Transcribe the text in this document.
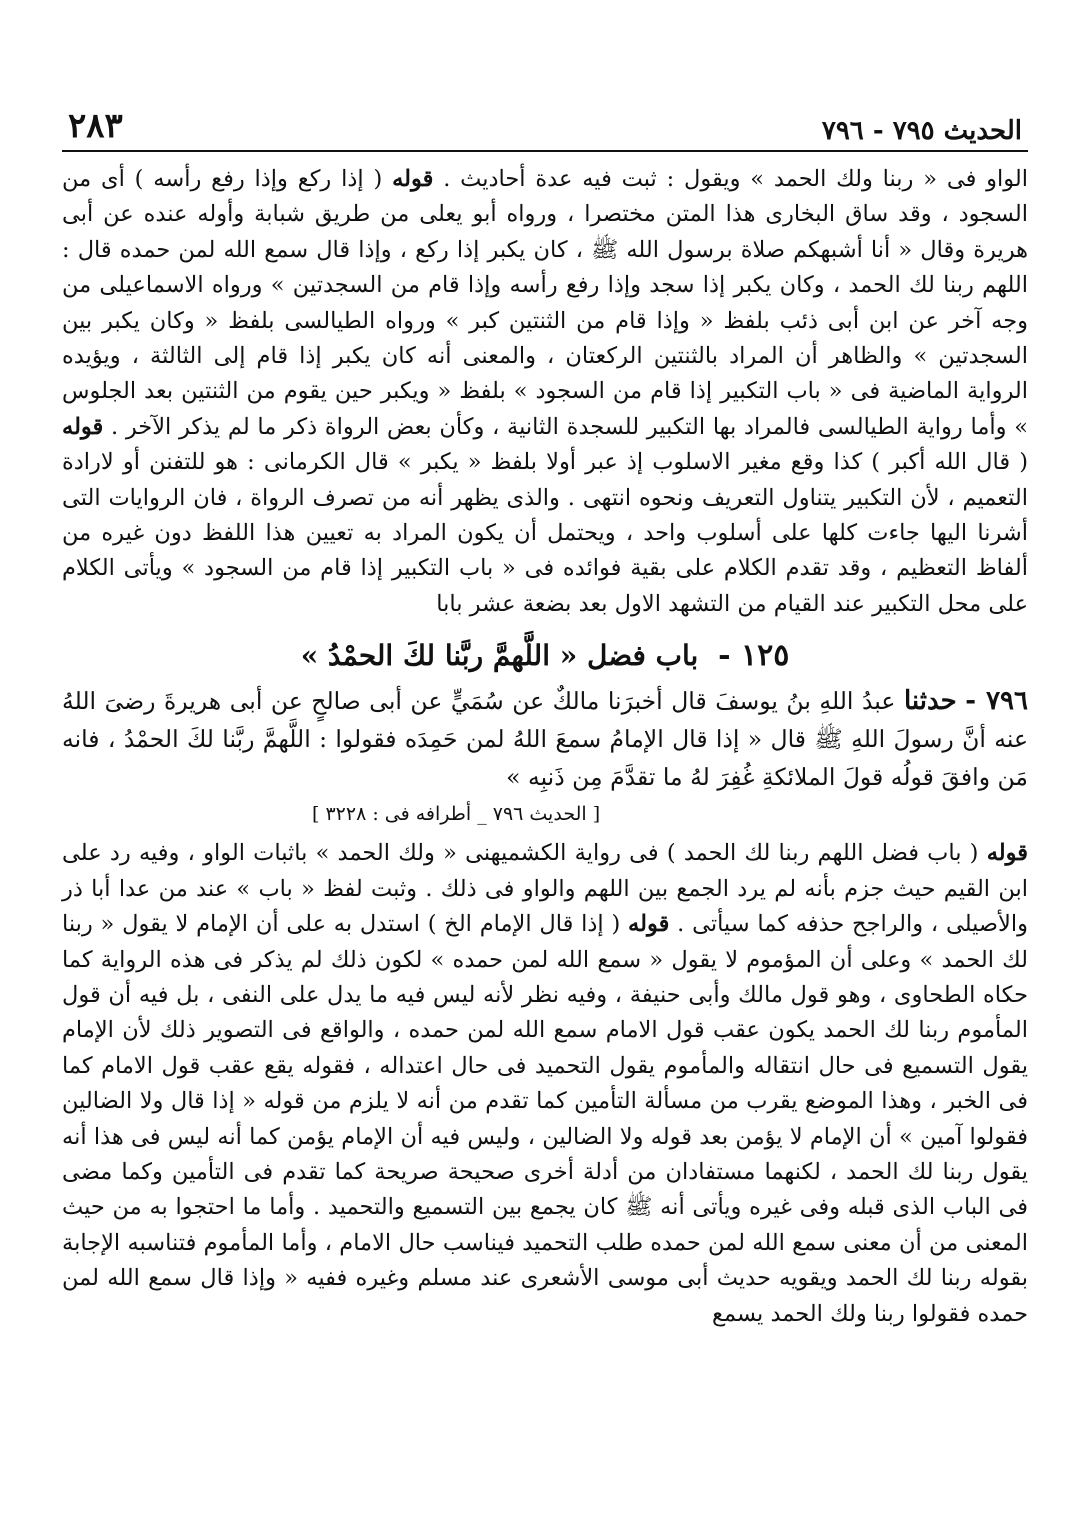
الحديث ٧٩٥ - ٧٩٦
٢٨٣

الواو فى « ربنا ولك الحمد » ويقول : ثبت فيه عدة أحاديث . قوله ( إذا ركع وإذا رفع رأسه ) أى من السجود ، وقد ساق البخارى هذا المتن مختصرا ، ورواه أبو يعلى من طريق شبابة وأوله عنده عن أبى هريرة وقال « أنا أشبهكم صلاة برسول الله ﷺ ، كان يكبر إذا ركع ، وإذا قال سمع الله لمن حمده قال : اللهم ربنا لك الحمد ، وكان يكبر إذا سجد وإذا رفع رأسه وإذا قام من السجدتين » ورواه الاسماعيلى من وجه آخر عن ابن أبى ذئب بلفظ « وإذا قام من الثنتين كبر » ورواه الطيالسى بلفظ « وكان يكبر بين السجدتين » والظاهر أن المراد بالثنتين الركعتان ، والمعنى أنه كان يكبر إذا قام إلى الثالثة ، ويؤيده الرواية الماضية فى « باب التكبير إذا قام من السجود » بلفظ « ويكبر حين يقوم من الثنتين بعد الجلوس » وأما رواية الطيالسى فالمراد بها التكبير للسجدة الثانية ، وكأن بعض الرواة ذكر ما لم يذكر الآخر . قوله ( قال الله أكبر ) كذا وقع مغير الاسلوب إذ عبر أولا بلفظ « يكبر » قال الكرمانى : هو للتفنن أو لارادة التعميم ، لأن التكبير يتناول التعريف ونحوه انتهى . والذى يظهر أنه من تصرف الرواة ، فان الروايات التى أشرنا اليها جاءت كلها على أسلوب واحد ، ويحتمل أن يكون المراد به تعيين هذا اللفظ دون غيره من ألفاظ التعظيم ، وقد تقدم الكلام على بقية فوائده فى « باب التكبير إذا قام من السجود » ويأتى الكلام على محل التكبير عند القيام من التشهد الاول بعد بضعة عشر بابا

١٢٥ - باب فضل « اللَّهمَّ ربَّنا لكَ الحمْدُ »
٧٩٦ - حدثنا عبدُ اللهِ بنُ يوسفَ قال أخبرَنا مالكٌ عن سُمَيٍّ عن أبى صالحٍ عن أبى هريرةَ رضىَ اللهُ عنه أنَّ رسولَ اللهِ ﷺ قال « إذا قال الإمامُ سمعَ اللهُ لمن حَمِدَه فقولوا : اللَّهمَّ ربَّنا لكَ الحمْدُ ، فانه مَن وافقَ قولُه قولَ الملائكةِ غُفِرَ لهُ ما تقدَّمَ مِن ذَنبِه »
[ الحديث ٧٩٦ _ أطرافه فى : ٣٢٢٨ ]

قوله ( باب فضل اللهم ربنا لك الحمد ) فى رواية الكشميهنى « ولك الحمد » باثبات الواو ، وفيه رد على ابن القيم حيث جزم بأنه لم يرد الجمع بين اللهم والواو فى ذلك . وثبت لفظ « باب » عند من عدا أبا ذر والأصيلى ، والراجح حذفه كما سيأتى . قوله ( إذا قال الإمام الخ ) استدل به على أن الإمام لا يقول « ربنا لك الحمد » وعلى أن المؤموم لا يقول « سمع الله لمن حمده » لكون ذلك لم يذكر فى هذه الرواية كما حكاه الطحاوى ، وهو قول مالك وأبى حنيفة ، وفيه نظر لأنه ليس فيه ما يدل على النفى ، بل فيه أن قول المأموم ربنا لك الحمد يكون عقب قول الامام سمع الله لمن حمده ، والواقع فى التصوير ذلك لأن الإمام يقول التسميع فى حال انتقاله والمأموم يقول التحميد فى حال اعتداله ، فقوله يقع عقب قول الامام كما فى الخبر ، وهذا الموضع يقرب من مسألة التأمين كما تقدم من أنه لا يلزم من قوله « إذا قال ولا الضالين فقولوا آمين » أن الإمام لا يؤمن بعد قوله ولا الضالين ، وليس فيه أن الإمام يؤمن كما أنه ليس فى هذا أنه يقول ربنا لك الحمد ، لكنهما مستفادان من أدلة أخرى صحيحة صريحة كما تقدم فى التأمين وكما مضى فى الباب الذى قبله وفى غيره ويأتى أنه ﷺ كان يجمع بين التسميع والتحميد . وأما ما احتجوا به من حيث المعنى من أن معنى سمع الله لمن حمده طلب التحميد فيناسب حال الامام ، وأما المأموم فتناسبه الإجابة بقوله ربنا لك الحمد ويقويه حديث أبى موسى الأشعرى عند مسلم وغيره ففيه « وإذا قال سمع الله لمن حمده فقولوا ربنا ولك الحمد يسمع
